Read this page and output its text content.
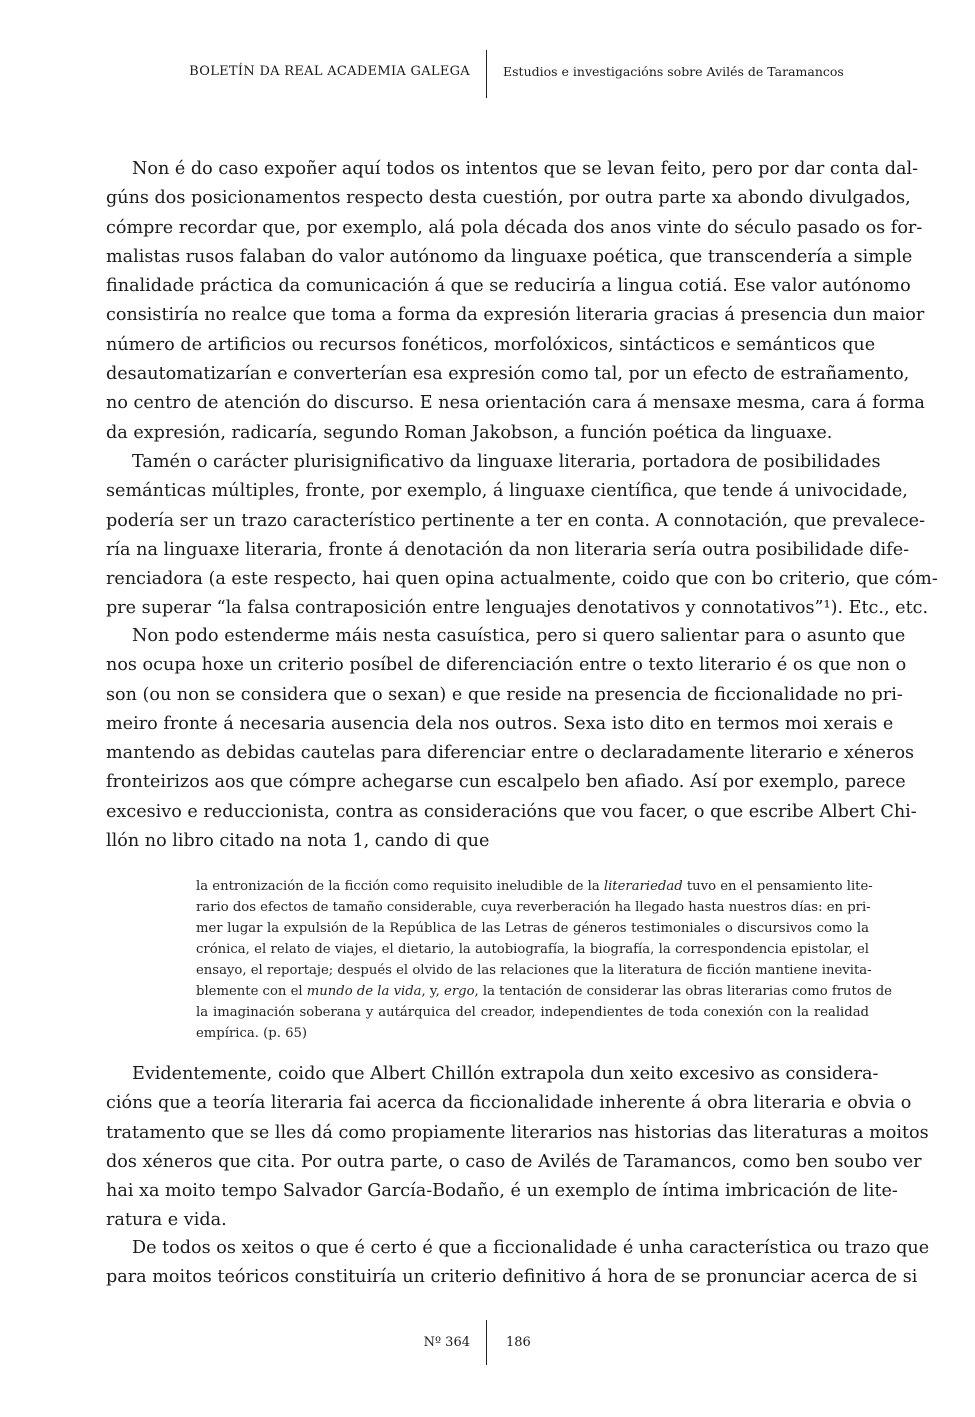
BOLETÍN DA REAL ACADEMIA GALEGA	Estudios e investigacións sobre Avilés de Taramancos
Non é do caso expoñer aquí todos os intentos que se levan feito, pero por dar conta dal-
gúns dos posicionamentos respecto desta cuestión, por outra parte xa abondo divulgados,
cómpre recordar que, por exemplo, alá pola década dos anos vinte do século pasado os for-
malistas rusos falaban do valor autónomo da linguaxe poética, que transcendería a simple
finalidade práctica da comunicación á que se reduciría a lingua cotiá. Ese valor autónomo
consistiría no realce que toma a forma da expresión literaria gracias á presencia dun maior
número de artificios ou recursos fonéticos, morfolóxicos, sintácticos e semánticos que
desautomatizarían e converterían esa expresión como tal, por un efecto de estrañamento,
no centro de atención do discurso. E nesa orientación cara á mensaxe mesma, cara á forma
da expresión, radicaría, segundo Roman Jakobson, a función poética da linguaxe.
Tamén o carácter plurisignificativo da linguaxe literaria, portadora de posibilidades
semánticas múltiples, fronte, por exemplo, á linguaxe científica, que tende á univocidade,
podería ser un trazo característico pertinente a ter en conta. A connotación, que prevalece-
ría na linguaxe literaria, fronte á denotación da non literaria sería outra posibilidade dife-
renciadora (a este respecto, hai quen opina actualmente, coido que con bo criterio, que cóm-
pre superar “la falsa contraposición entre lenguajes denotativos y connotativos”¹). Etc., etc.
Non podo estenderme máis nesta casuística, pero si quero salientar para o asunto que
nos ocupa hoxe un criterio posíbel de diferenciación entre o texto literario é os que non o
son (ou non se considera que o sexan) e que reside na presencia de ficcionalidade no pri-
meiro fronte á necesaria ausencia dela nos outros. Sexa isto dito en termos moi xerais e
mantendo as debidas cautelas para diferenciar entre o declaradamente literario e xéneros
fronteirizos aos que cómpre achegarse cun escalpelo ben afiado. Así por exemplo, parece
excesivo e reduccionista, contra as consideracións que vou facer, o que escribe Albert Chi-
llón no libro citado na nota 1, cando di que
la entronización de la ficción como requisito ineludible de la literariedad tuvo en el pensamiento lite-
rario dos efectos de tamaño considerable, cuya reverberación ha llegado hasta nuestros días: en pri-
mer lugar la expulsión de la República de las Letras de géneros testimoniales o discursivos como la
crónica, el relato de viajes, el dietario, la autobiografía, la biografía, la correspondencia epistolar, el
ensayo, el reportaje; después el olvido de las relaciones que la literatura de ficción mantiene inevita-
blemente con el mundo de la vida, y, ergo, la tentación de considerar las obras literarias como frutos de
la imaginación soberana y autárquica del creador, independientes de toda conexión con la realidad
empírica. (p. 65)
Evidentemente, coido que Albert Chillón extrapola dun xeito excesivo as considera-
cións que a teoría literaria fai acerca da ficcionalidade inherente á obra literaria e obvia o
tratamento que se lles dá como propiamente literarios nas historias das literaturas a moitos
dos xéneros que cita. Por outra parte, o caso de Avilés de Taramancos, como ben soubo ver
hai xa moito tempo Salvador García-Bodaño, é un exemplo de íntima imbricación de lite-
ratura e vida.
De todos os xeitos o que é certo é que a ficcionalidade é unha característica ou trazo que
para moitos teóricos constituiría un criterio definitivo á hora de se pronunciar acerca de si
Nº 364	186
